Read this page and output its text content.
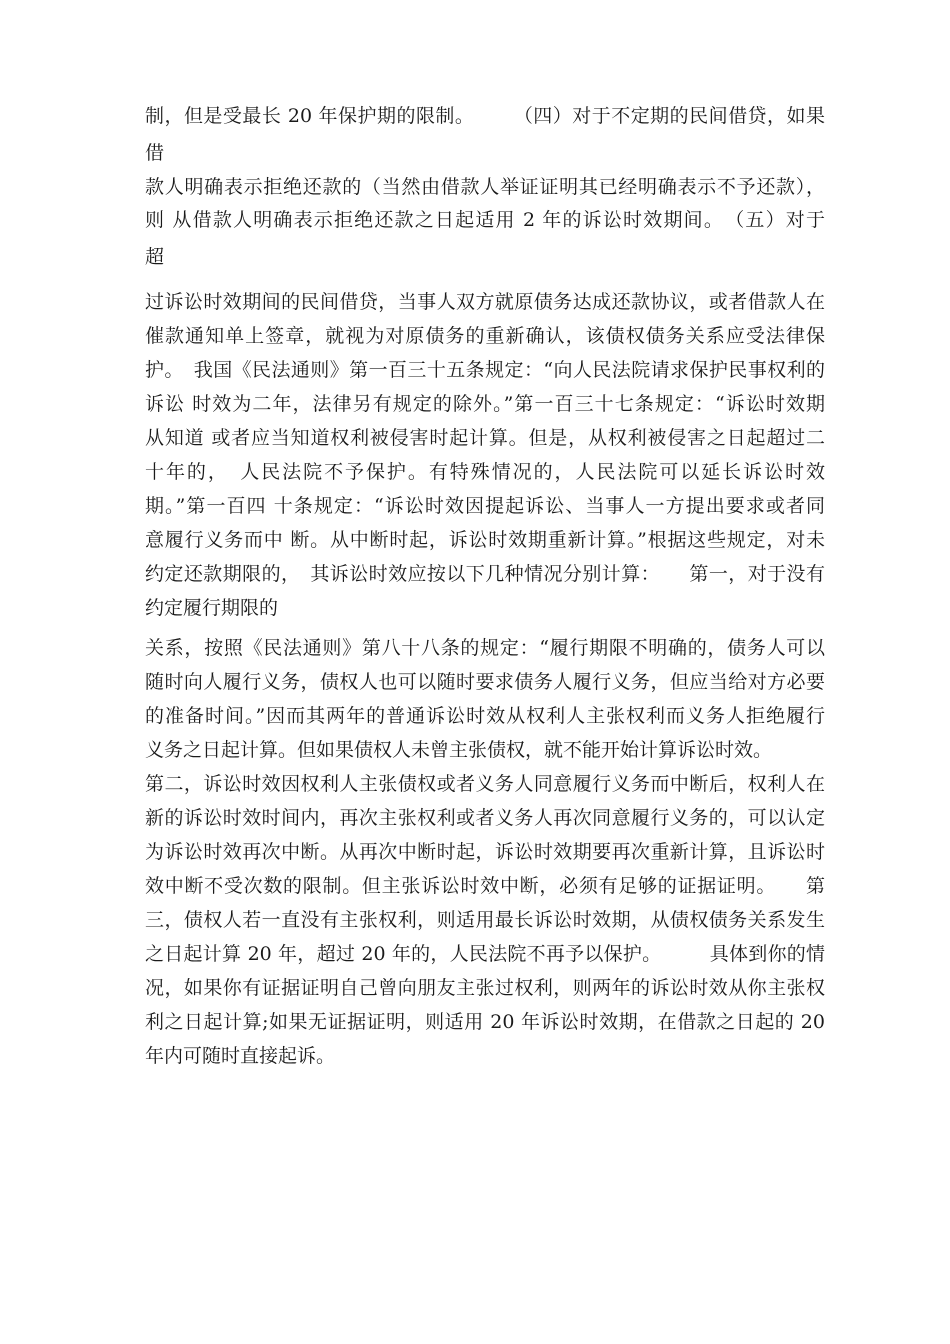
制，但是受最长 20 年保护期的限制。　　　（四）对于不定期的民间借贷，如果
借
款人明确表示拒绝还款的（当然由借款人举证证明其已经明确表示不予还款），
则 从借款人明确表示拒绝还款之日起适用 2 年的诉讼时效期间。　（五）对于
超
过诉讼时效期间的民间借贷，当事人双方就原债务达成还款协议，或者借款人在
催款通知单上签章，就视为对原债务的重新确认，该债权债务关系应受法律保
护。　我国《民法通则》第一百三十五条规定：“向人民法院请求保护民事权利的
诉讼 时效为二年，法律另有规定的除外。”第一百三十七条规定：“诉讼时效期
从知道 或者应当知道权利被侵害时起计算。但是，从权利被侵害之日起超过二
十年的，　人民法院不予保护。有特殊情况的，人民法院可以延长诉讼时效
期。”第一百四 十条规定：“诉讼时效因提起诉讼、当事人一方提出要求或者同
意履行义务而中 断。从中断时起，诉讼时效期重新计算。”根据这些规定，对未
约定还款期限的，　其诉讼时效应按以下几种情况分别计算：　　第一，对于没有
约定履行期限的
关系，按照《民法通则》第八十八条的规定：“履行期限不明确的，债务人可以
随时向人履行义务，债权人也可以随时要求债务人履行义务，但应当给对方必要
的准备时间。”因而其两年的普通诉讼时效从权利人主张权利而义务人拒绝履行
义务之日起计算。但如果债权人未曾主张债权，就不能开始计算诉讼时效。
第二，诉讼时效因权利人主张债权或者义务人同意履行义务而中断后，权利人在
新的诉讼时效时间内，再次主张权利或者义务人再次同意履行义务的，可以认定
为诉讼时效再次中断。从再次中断时起，诉讼时效期要再次重新计算，且诉讼时
效中断不受次数的限制。但主张诉讼时效中断，必须有足够的证据证明。　　第
三，债权人若一直没有主张权利，则适用最长诉讼时效期，从债权债务关系发生
之日起计算 20 年，超过 20 年的，人民法院不再予以保护。　　　具体到你的情
况，如果你有证据证明自己曾向朋友主张过权利，则两年的诉讼时效从你主张权
利之日起计算;如果无证据证明，则适用 20 年诉讼时效期，在借款之日起的 20
年内可随时直接起诉。
